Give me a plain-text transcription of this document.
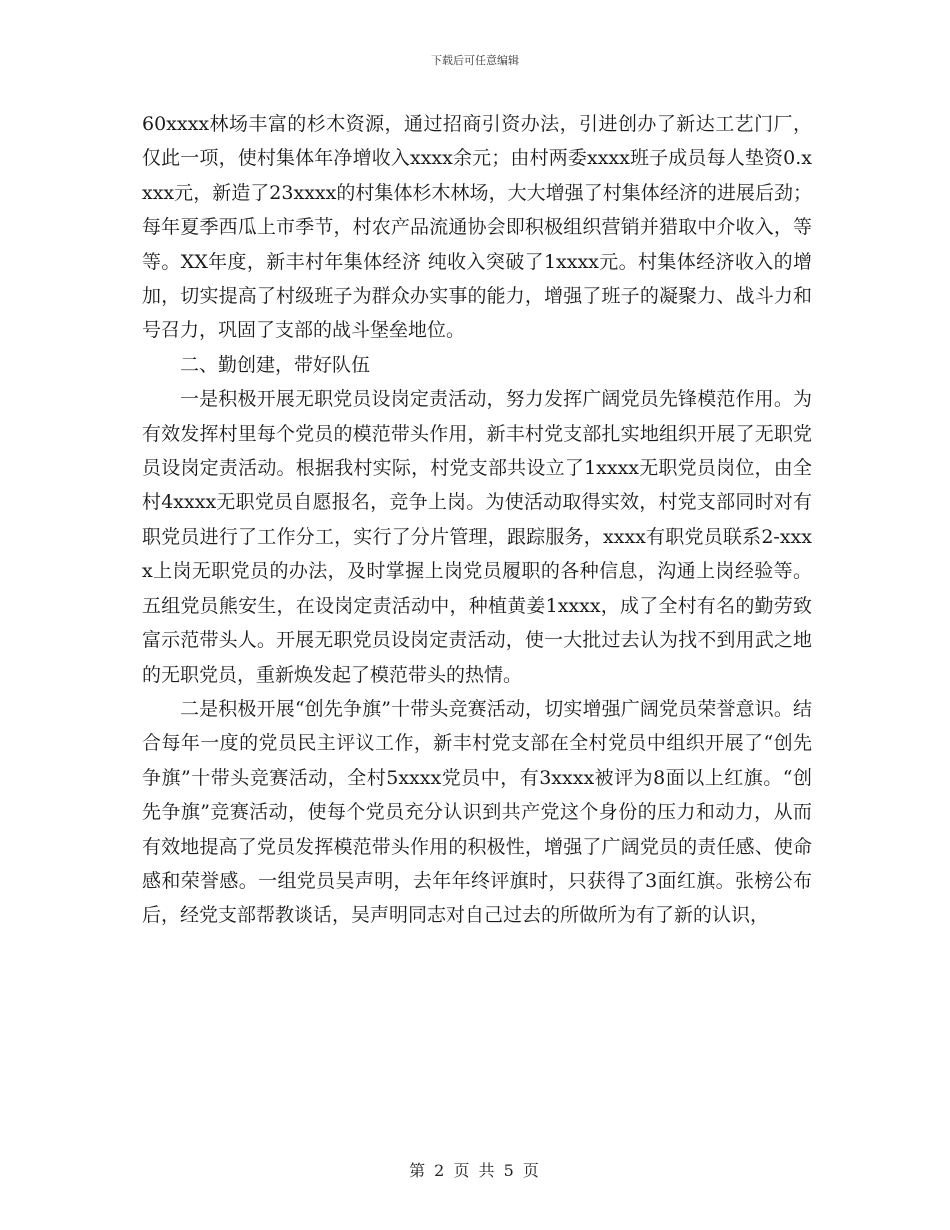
下载后可任意编辑

60xxxx林场丰富的杉木资源，通过招商引资办法，引进创办了新达工艺门厂，仅此一项，使村集体年净增收入xxxx余元；由村两委xxxx班子成员每人垫资0.xxxx元，新造了23xxxx的村集体杉木林场，大大增强了村集体经济的进展后劲；每年夏季西瓜上市季节，村农产品流通协会即积极组织营销并猎取中介收入，等等。XX年度，新丰村年集体经济 纯收入突破了1xxxx元。村集体经济收入的增加，切实提高了村级班子为群众办实事的能力，增强了班子的凝聚力、战斗力和号召力，巩固了支部的战斗堡垒地位。

二、勤创建，带好队伍

一是积极开展无职党员设岗定责活动，努力发挥广阔党员先锋模范作用。为有效发挥村里每个党员的模范带头作用，新丰村党支部扎实地组织开展了无职党员设岗定责活动。根据我村实际，村党支部共设立了1xxxx无职党员岗位，由全村4xxxx无职党员自愿报名，竞争上岗。为使活动取得实效，村党支部同时对有职党员进行了工作分工，实行了分片管理，跟踪服务，xxxx有职党员联系2-xxxx上岗无职党员的办法，及时掌握上岗党员履职的各种信息，沟通上岗经验等。五组党员熊安生，在设岗定责活动中，种植黄姜1xxxx，成了全村有名的勤劳致富示范带头人。开展无职党员设岗定责活动，使一大批过去认为找不到用武之地的无职党员，重新焕发起了模范带头的热情。

二是积极开展“创先争旗”十带头竞赛活动，切实增强广阔党员荣誉意识。结合每年一度的党员民主评议工作，新丰村党支部在全村党员中组织开展了“创先争旗”十带头竞赛活动，全村5xxxx党员中，有3xxxx被评为8面以上红旗。“创先争旗”竞赛活动，使每个党员充分认识到共产党这个身份的压力和动力，从而有效地提高了党员发挥模范带头作用的积极性，增强了广阔党员的责任感、使命感和荣誉感。一组党员吴声明，去年年终评旗时，只获得了3面红旗。张榜公布后，经党支部帮教谈话，吴声明同志对自己过去的所做所为有了新的认识，

第 2 页 共 5 页
